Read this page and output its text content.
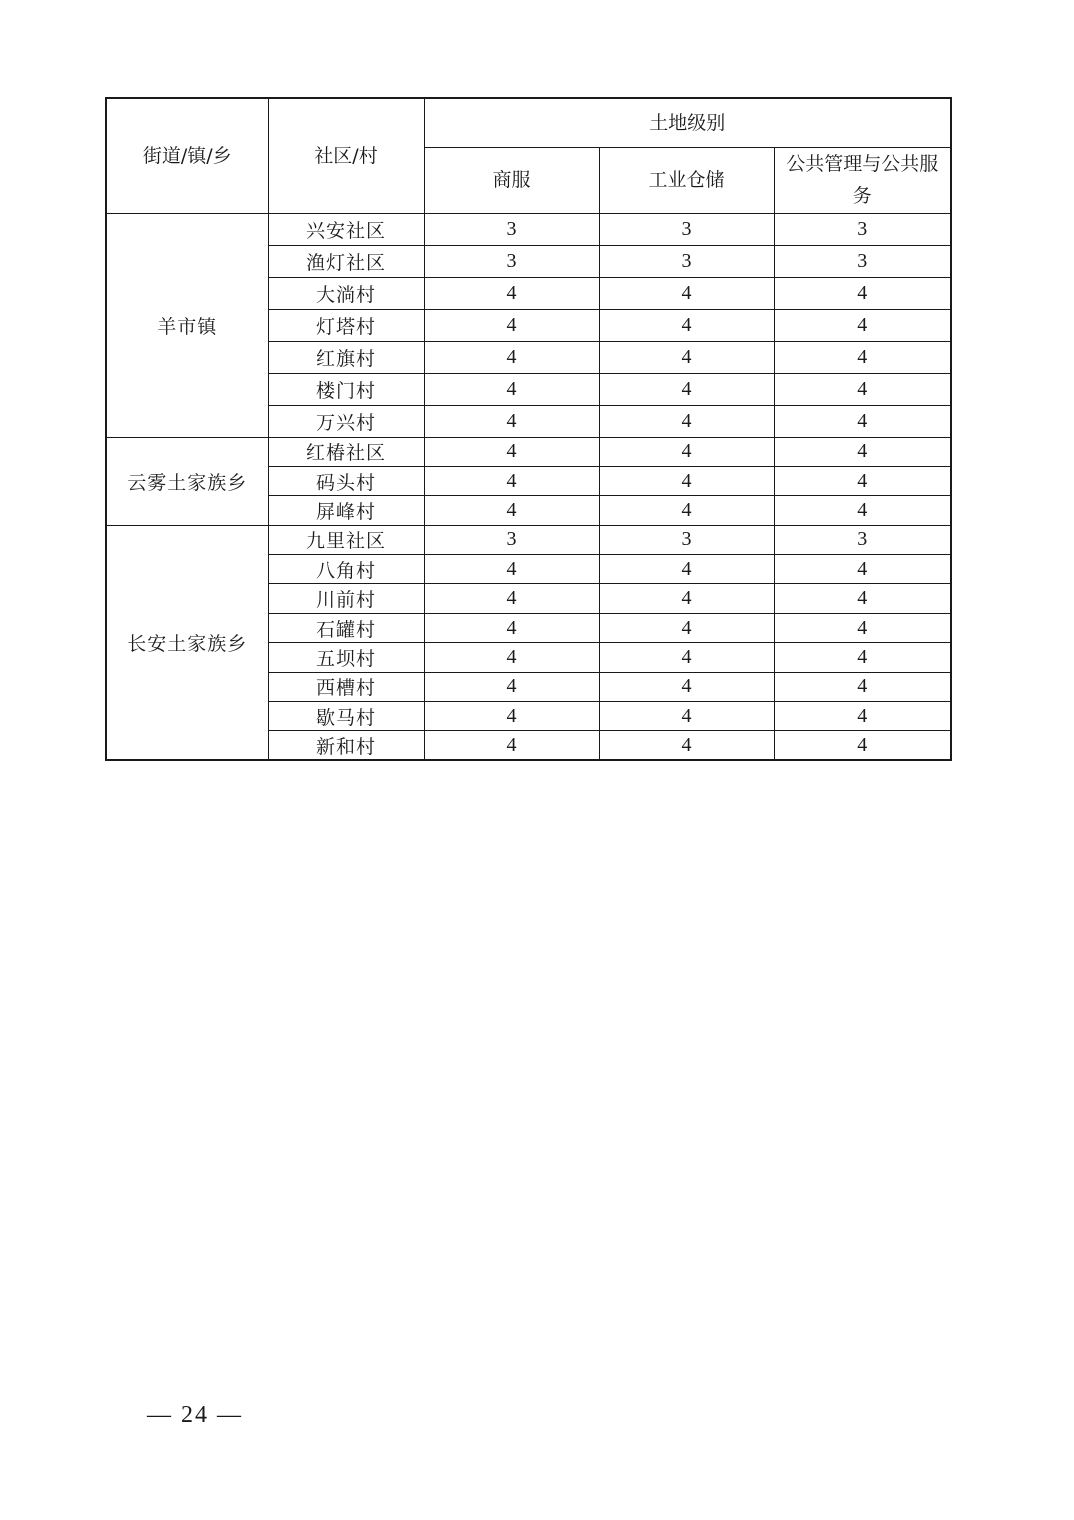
街道/镇/乡	社区/村	土地级别		
		商服	工业仓储	公共管理与公共服务
羊市镇	兴安社区	3	3	3
	渔灯社区	3	3	3
	大淌村	4	4	4
	灯塔村	4	4	4
	红旗村	4	4	4
	楼门村	4	4	4
	万兴村	4	4	4
云雾土家族乡	红椿社区	4	4	4
	码头村	4	4	4
	屏峰村	4	4	4
长安土家族乡	九里社区	3	3	3
	八角村	4	4	4
	川前村	4	4	4
	石罐村	4	4	4
	五坝村	4	4	4
	西槽村	4	4	4
	歇马村	4	4	4
	新和村	4	4	4
— 24 —
